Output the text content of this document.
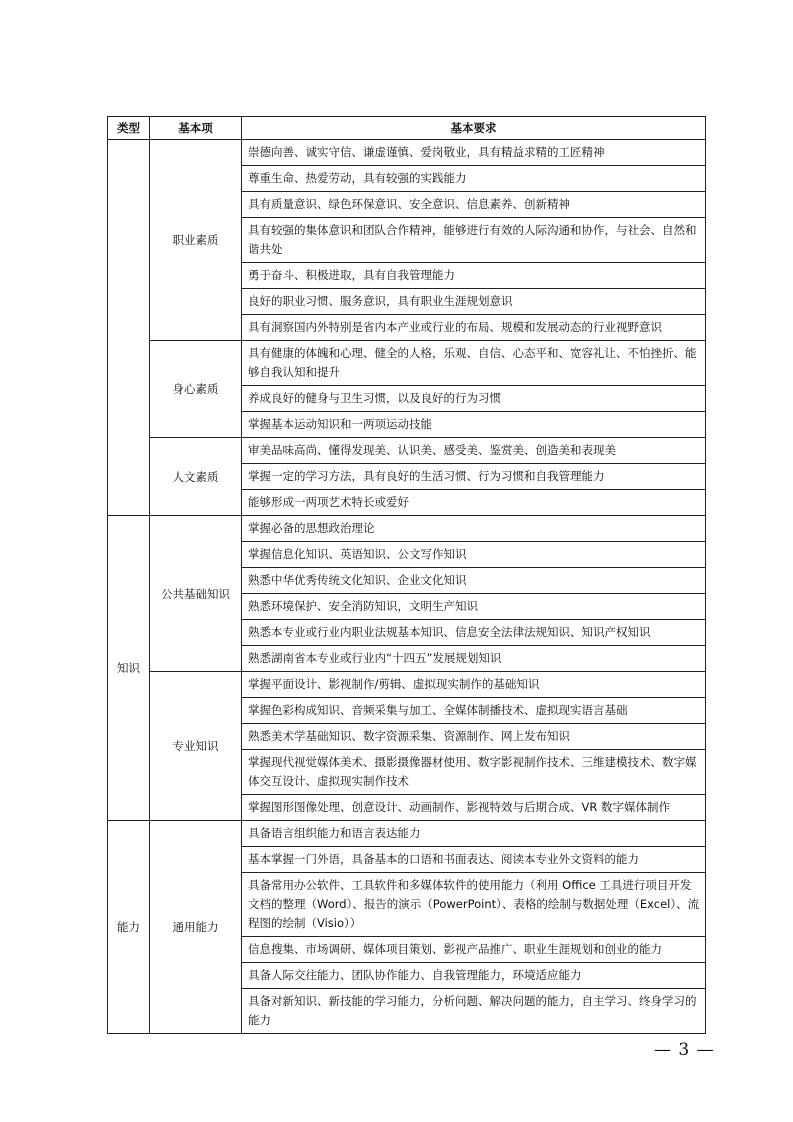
类型	基本项	基本要求
	职业素质	崇德向善、诚实守信、谦虚谨慎、爱岗敬业，具有精益求精的工匠精神
		尊重生命、热爱劳动，具有较强的实践能力
		具有质量意识、绿色环保意识、安全意识、信息素养、创新精神
		具有较强的集体意识和团队合作精神，能够进行有效的人际沟通和协作，与社会、自然和谐共处
		勇于奋斗、积极进取，具有自我管理能力
		良好的职业习惯、服务意识，具有职业生涯规划意识
		具有洞察国内外特别是省内本产业或行业的布局、规模和发展动态的行业视野意识
	身心素质	具有健康的体魄和心理、健全的人格，乐观、自信、心态平和、宽容礼让、不怕挫折、能够自我认知和提升
		养成良好的健身与卫生习惯，以及良好的行为习惯
		掌握基本运动知识和一两项运动技能
	人文素质	审美品味高尚、懂得发现美、认识美、感受美、鉴赏美、创造美和表现美
		掌握一定的学习方法，具有良好的生活习惯、行为习惯和自我管理能力
		能够形成一两项艺术特长或爱好
知识	公共基础知识	掌握必备的思想政治理论
		掌握信息化知识、英语知识、公文写作知识
		熟悉中华优秀传统文化知识、企业文化知识
		熟悉环境保护、安全消防知识，文明生产知识
		熟悉本专业或行业内职业法规基本知识、信息安全法律法规知识、知识产权知识
		熟悉湖南省本专业或行业内“十四五”发展规划知识
	专业知识	掌握平面设计、影视制作/剪辑、虚拟现实制作的基础知识
		掌握色彩构成知识、音频采集与加工、全媒体制播技术、虚拟现实语言基础
		熟悉美术学基础知识、数字资源采集、资源制作、网上发布知识
		掌握现代视觉媒体美术、摄影摄像器材使用、数字影视制作技术、三维建模技术、数字媒体交互设计、虚拟现实制作技术
		掌握图形图像处理、创意设计、动画制作、影视特效与后期合成、VR 数字媒体制作
能力	通用能力	具备语言组织能力和语言表达能力
		基本掌握一门外语，具备基本的口语和书面表达、阅读本专业外文资料的能力
		具备常用办公软件、工具软件和多媒体软件的使用能力（利用 Office 工具进行项目开发文档的整理（Word）、报告的演示（PowerPoint）、表格的绘制与数据处理（Excel）、流程图的绘制（Visio））
		信息搜集、市场调研、媒体项目策划、影视产品推广、职业生涯规划和创业的能力
		具备人际交往能力、团队协作能力、自我管理能力，环境适应能力
		具备对新知识、新技能的学习能力，分析问题、解决问题的能力，自主学习、终身学习的能力
— 3 —
